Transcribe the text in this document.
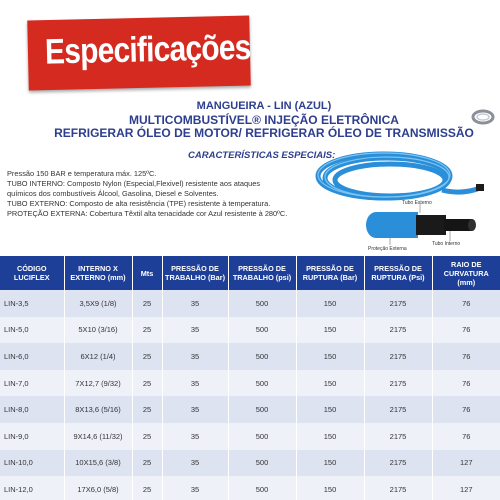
Especificações
MANGUEIRA - LIN (AZUL)
MULTICOMBUSTÍVEL® INJEÇÃO ELETRÔNICA
REFRIGERAR ÓLEO DE MOTOR/ REFRIGERAR ÓLEO DE TRANSMISSÃO
CARACTERÍSTICAS ESPECIAIS:
Pressão 150 BAR e temperatura máx. 125ºC.
TUBO INTERNO: Composto Nylon (Especial,Flexivel) resistente aos ataques
químicos dos combustíveis Álcool, Gasolina, Diesel e Solventes.
TUBO EXTERNO: Composto de alta resistência (TPE) resistente à temperatura.
PROTEÇÃO EXTERNA: Cobertura Têxtil alta tenacidade cor Azul resistente à 280ºC.
Tubo Externo
Tubo Interno
Proteção Externa
CÓDIGO LUCIFLEX	INTERNO X EXTERNO (mm)	Mts	PRESSÃO DE TRABALHO (Bar)	PRESSÃO DE TRABALHO (psi)	PRESSÃO DE RUPTURA (Bar)	PRESSÃO DE RUPTURA (Psi)	RAIO DE CURVATURA (mm)
LIN-3,5	3,5X9 (1/8)	25	35	500	150	2175	76
LIN-5,0	5X10 (3/16)	25	35	500	150	2175	76
LIN-6,0	6X12 (1/4)	25	35	500	150	2175	76
LIN-7,0	7X12,7 (9/32)	25	35	500	150	2175	76
LIN-8,0	8X13,6 (5/16)	25	35	500	150	2175	76
LIN-9,0	9X14,6 (11/32)	25	35	500	150	2175	76
LIN-10,0	10X15,6 (3/8)	25	35	500	150	2175	127
LIN-12,0	17X6,0 (5/8)	25	35	500	150	2175	127
